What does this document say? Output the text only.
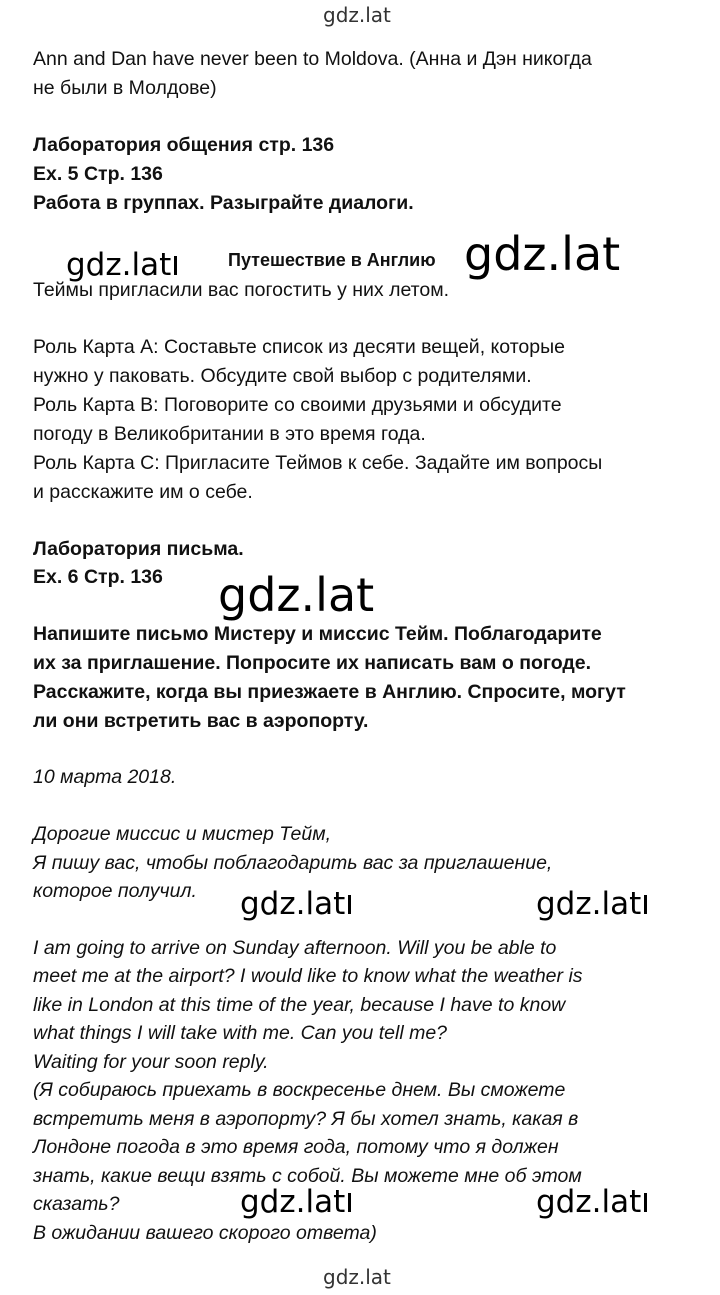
gdz.lat
Ann and Dan have never been to Moldova. (Анна и Дэн никогда
не были в Молдове)
Лаборатория общения стр. 136
Ex. 5 Стр. 136
Работа в группах. Разыграйте диалоги.
Путешествие в Англию
Теймы пригласили вас погостить у них летом.
Роль Карта А: Составьте список из десяти вещей, которые
нужно у паковать. Обсудите свой выбор с родителями.
Роль Карта В: Поговорите со своими друзьями и обсудите
погоду в Великобритании в это время года.
Роль Карта С: Пригласите Теймов к себе. Задайте им вопросы
и расскажите им о себе.
Лаборатория письма.
Ex. 6 Стр. 136
Напишите письмо Мистеру и миссис Тейм. Поблагодарите
их за приглашение. Попросите их написать вам о погоде.
Расскажите, когда вы приезжаете в Англию. Спросите, могут
ли они встретить вас в аэропорту.
10 марта 2018.
Дорогие миссис и мистер Тейм,
Я пишу вас, чтобы поблагодарить вас за приглашение,
которое получил.
I am going to arrive on Sunday afternoon. Will you be able to
meet me at the airport? I would like to know what the weather is
like in London at this time of the year, because I have to know
what things I will take with me. Can you tell me?
Waiting for your soon reply.
(Я собираюсь приехать в воскресенье днем. Вы сможете
встретить меня в аэропорту? Я бы хотел знать, какая в
Лондоне погода в это время года, потому что я должен
знать, какие вещи взять с собой. Вы можете мне об этом
сказать?
В ожидании вашего скорого ответа)
gdz.lat	gdz.lat
gdz.lat
gdz.lat	gdz.lat
gdz.lat	gdz.lat
gdz.lat
